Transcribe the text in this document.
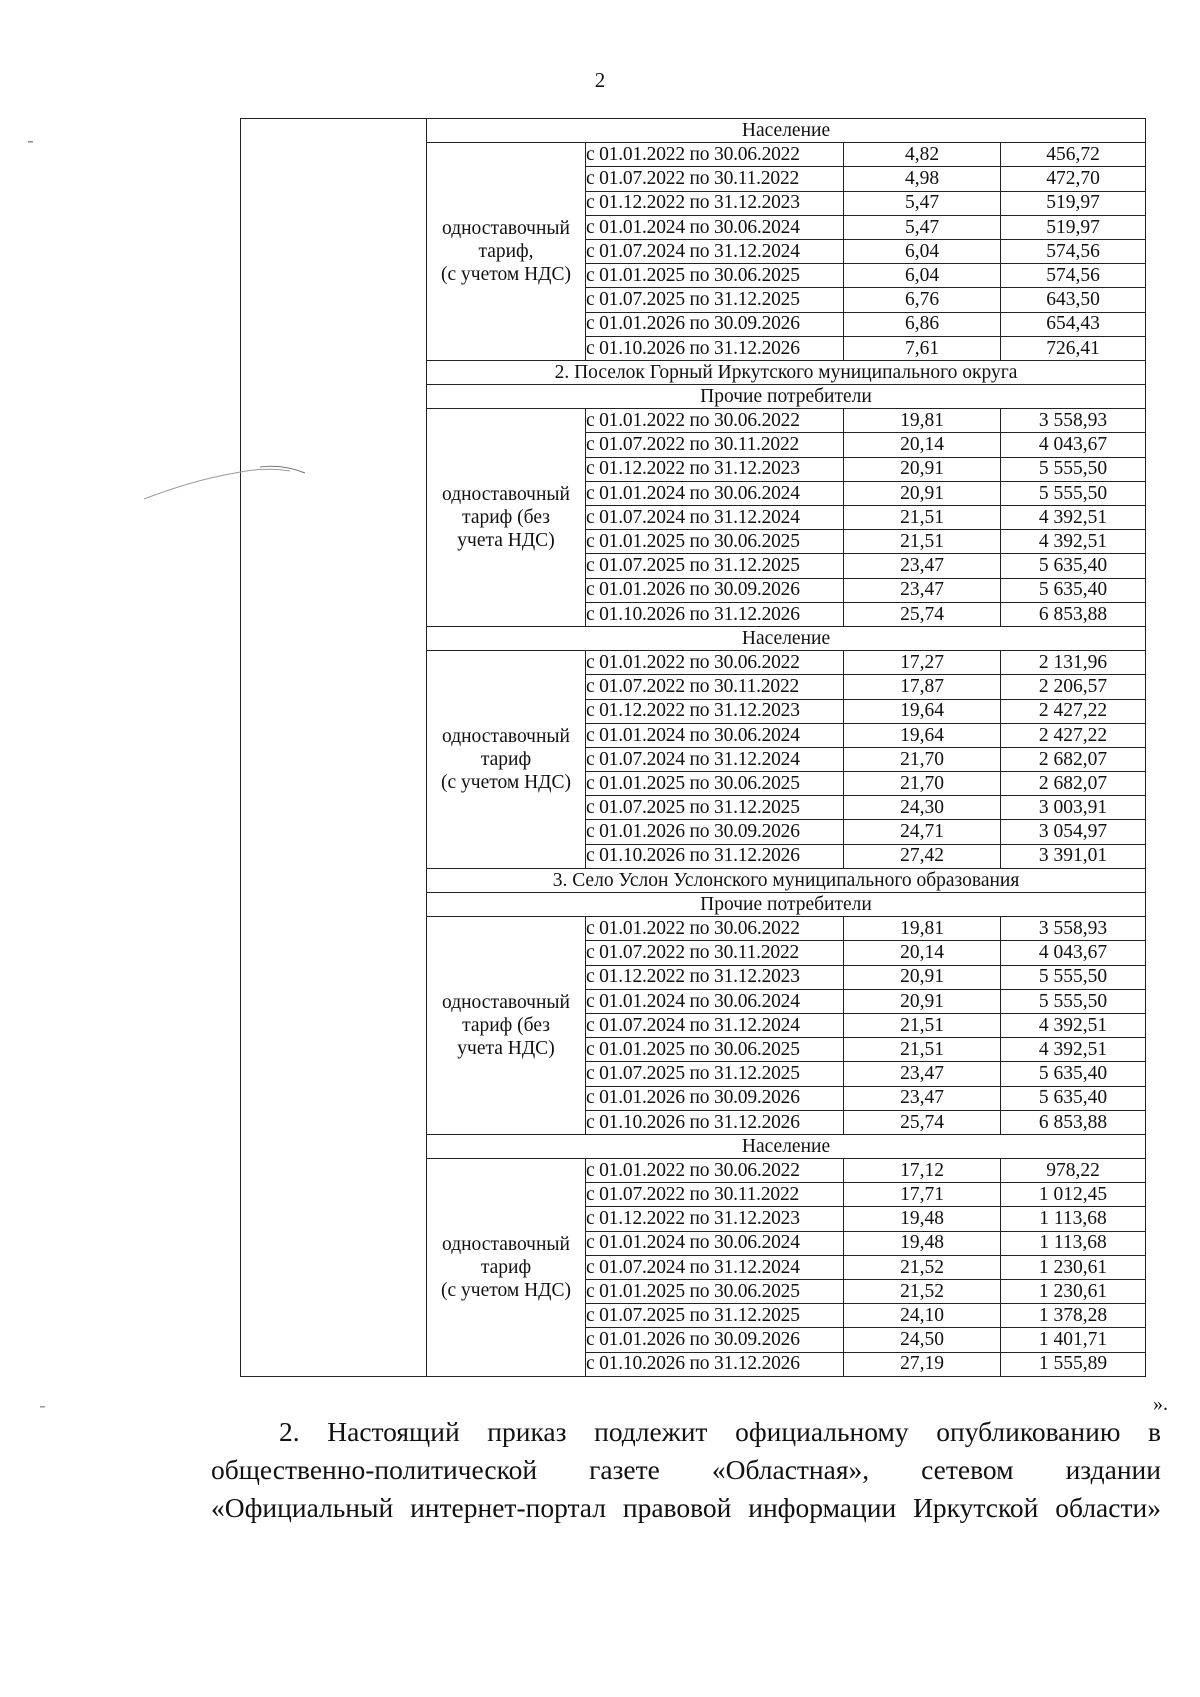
2
	Население			

	одноставочный
тариф,
(с учетом НДС)	с 01.01.2022 по 30.06.2022	4,82	456,72
		с 01.07.2022 по 30.11.2022	4,98	472,70
		с 01.12.2022 по 31.12.2023	5,47	519,97
		с 01.01.2024 по 30.06.2024	5,47	519,97
		с 01.07.2024 по 31.12.2024	6,04	574,56
		с 01.01.2025 по 30.06.2025	6,04	574,56
		с 01.07.2025 по 31.12.2025	6,76	643,50
		с 01.01.2026 по 30.09.2026	6,86	654,43
		с 01.10.2026 по 31.12.2026	7,61	726,41
	2. Поселок Горный Иркутского муниципального округа			
	Прочие потребители			

	одноставочный
тариф (без
учета НДС)	с 01.01.2022 по 30.06.2022	19,81	3 558,93
		с 01.07.2022 по 30.11.2022	20,14	4 043,67
		с 01.12.2022 по 31.12.2023	20,91	5 555,50
		с 01.01.2024 по 30.06.2024	20,91	5 555,50
		с 01.07.2024 по 31.12.2024	21,51	4 392,51
		с 01.01.2025 по 30.06.2025	21,51	4 392,51
		с 01.07.2025 по 31.12.2025	23,47	5 635,40
		с 01.01.2026 по 30.09.2026	23,47	5 635,40
		с 01.10.2026 по 31.12.2026	25,74	6 853,88
	Население			

	одноставочный
тариф
(с учетом НДС)	с 01.01.2022 по 30.06.2022	17,27	2 131,96
		с 01.07.2022 по 30.11.2022	17,87	2 206,57
		с 01.12.2022 по 31.12.2023	19,64	2 427,22
		с 01.01.2024 по 30.06.2024	19,64	2 427,22
		с 01.07.2024 по 31.12.2024	21,70	2 682,07
		с 01.01.2025 по 30.06.2025	21,70	2 682,07
		с 01.07.2025 по 31.12.2025	24,30	3 003,91
		с 01.01.2026 по 30.09.2026	24,71	3 054,97
		с 01.10.2026 по 31.12.2026	27,42	3 391,01
	3. Село Услон Услонского муниципального образования			
	Прочие потребители			

	одноставочный
тариф (без
учета НДС)	с 01.01.2022 по 30.06.2022	19,81	3 558,93
		с 01.07.2022 по 30.11.2022	20,14	4 043,67
		с 01.12.2022 по 31.12.2023	20,91	5 555,50
		с 01.01.2024 по 30.06.2024	20,91	5 555,50
		с 01.07.2024 по 31.12.2024	21,51	4 392,51
		с 01.01.2025 по 30.06.2025	21,51	4 392,51
		с 01.07.2025 по 31.12.2025	23,47	5 635,40
		с 01.01.2026 по 30.09.2026	23,47	5 635,40
		с 01.10.2026 по 31.12.2026	25,74	6 853,88
	Население			

	одноставочный
тариф
(с учетом НДС)	с 01.01.2022 по 30.06.2022	17,12	978,22
		с 01.07.2022 по 30.11.2022	17,71	1 012,45
		с 01.12.2022 по 31.12.2023	19,48	1 113,68
		с 01.01.2024 по 30.06.2024	19,48	1 113,68
		с 01.07.2024 по 31.12.2024	21,52	1 230,61
		с 01.01.2025 по 30.06.2025	21,52	1 230,61
		с 01.07.2025 по 31.12.2025	24,10	1 378,28
		с 01.01.2026 по 30.09.2026	24,50	1 401,71
		с 01.10.2026 по 31.12.2026	27,19	1 555,89
».
2. Настоящий приказ подлежит официальному опубликованию в
общественно-политической газете «Областная», сетевом издании
«Официальный интернет-портал правовой информации Иркутской области»
